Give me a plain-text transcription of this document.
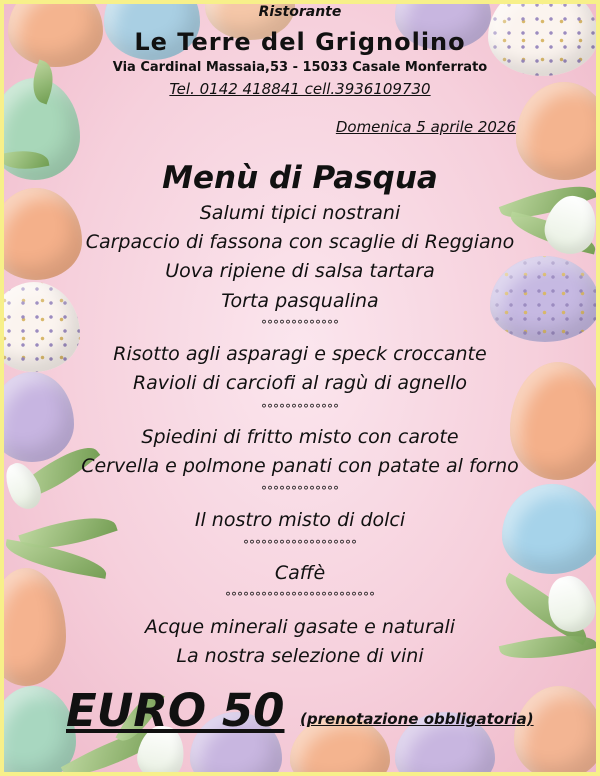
Ristorante
Le Terre del Grignolino
Via Cardinal Massaia,53 - 15033 Casale Monferrato
Tel. 0142 418841 cell.3936109730
Domenica 5 aprile 2026
Menù di Pasqua
Salumi tipici nostrani
Carpaccio di fassona con scaglie di Reggiano
Uova ripiene di salsa tartara
Torta pasqualina
°°°°°°°°°°°°°
Risotto agli asparagi e speck croccante
Ravioli di carciofi al ragù di agnello
°°°°°°°°°°°°°
Spiedini di fritto misto con carote
Cervella e polmone panati con patate al forno
°°°°°°°°°°°°°
Il nostro misto di dolci
°°°°°°°°°°°°°°°°°°°
Caffè
°°°°°°°°°°°°°°°°°°°°°°°°°
Acque minerali gasate e naturali
La nostra selezione di vini
EURO 50 (prenotazione obbligatoria)
